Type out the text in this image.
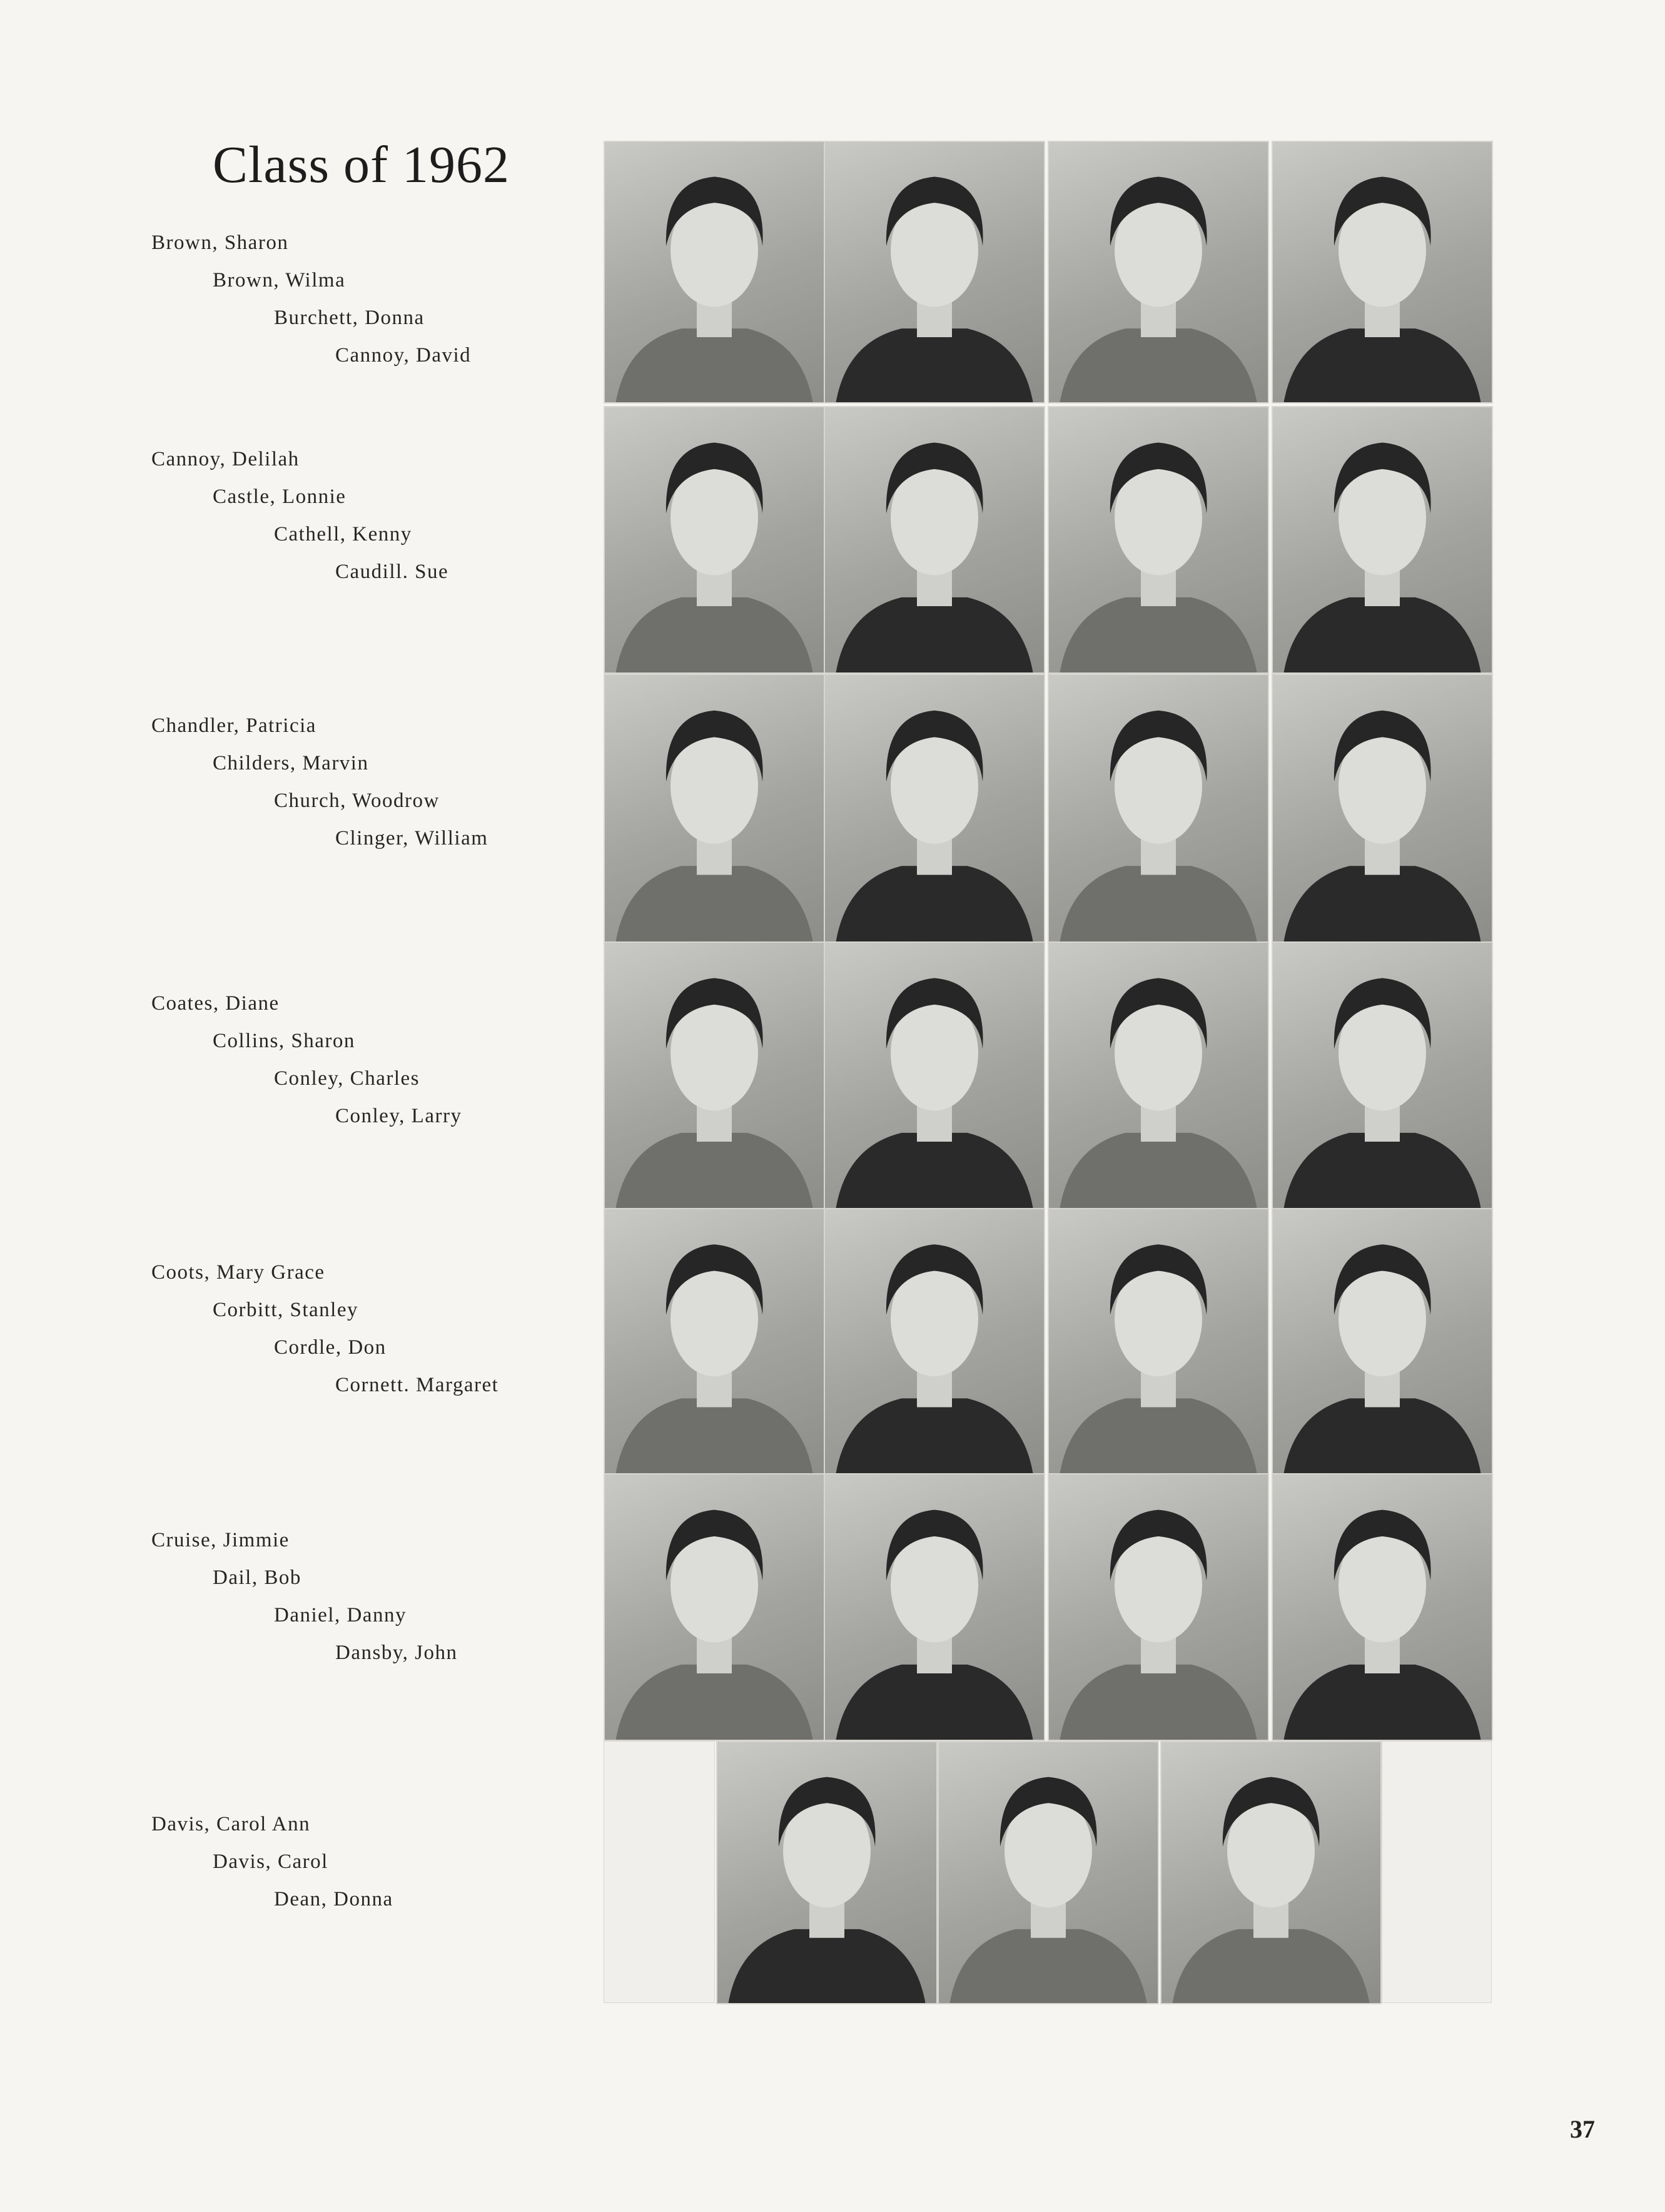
Class of 1962
Brown, Sharon
Brown, Wilma
Burchett, Donna
Cannoy, David
Cannoy, Delilah
Castle, Lonnie
Cathell, Kenny
Caudill. Sue
Chandler, Patricia
Childers, Marvin
Church, Woodrow
Clinger, William
Coates, Diane
Collins, Sharon
Conley, Charles
Conley, Larry
Coots, Mary Grace
Corbitt, Stanley
Cordle, Don
Cornett. Margaret
Cruise, Jimmie
Dail, Bob
Daniel, Danny
Dansby, John
Davis, Carol Ann
Davis, Carol
Dean, Donna
37
